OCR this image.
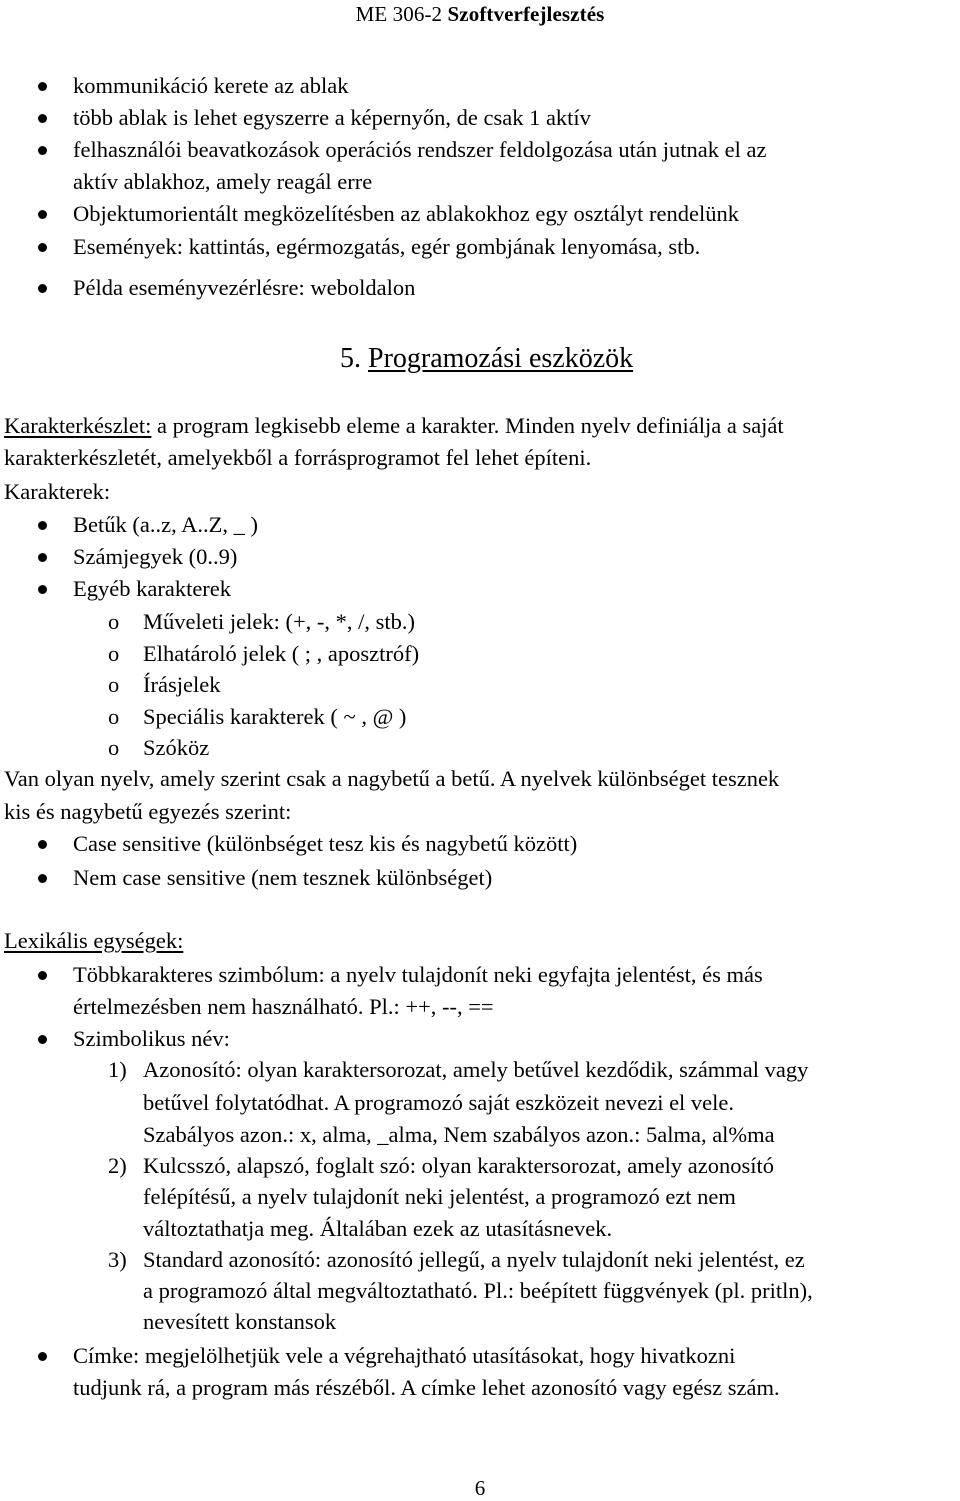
ME 306-2 Szoftverfejlesztés
kommunikáció kerete az ablak
több ablak is lehet egyszerre a képernyőn, de csak 1 aktív
felhasználói beavatkozások operációs rendszer feldolgozása után jutnak el az
aktív ablakhoz, amely reagál erre
Objektumorientált megközelítésben az ablakokhoz egy osztályt rendelünk
Események: kattintás, egérmozgatás, egér gombjának lenyomása, stb.
Példa eseményvezérlésre: weboldalon
5. Programozási eszközök
Karakterkészlet: a program legkisebb eleme a karakter. Minden nyelv definiálja a saját
karakterkészletét, amelyekből a forrásprogramot fel lehet építeni.
Karakterek:
Betűk (a..z, A..Z, _ )
Számjegyek (0..9)
Egyéb karakterek
o Műveleti jelek: (+, -, *, /, stb.)
o Elhatároló jelek ( ; , aposztróf)
o Írásjelek
o Speciális karakterek ( ~ , @ )
o Szóköz
Van olyan nyelv, amely szerint csak a nagybetű a betű. A nyelvek különbséget tesznek
kis és nagybetű egyezés szerint:
Case sensitive (különbséget tesz kis és nagybetű között)
Nem case sensitive (nem tesznek különbséget)
Lexikális egységek:
Többkarakteres szimbólum: a nyelv tulajdonít neki egyfajta jelentést, és más
értelmezésben nem használható. Pl.: ++, --, ==
Szimbolikus név:
1) Azonosító: olyan karaktersorozat, amely betűvel kezdődik, számmal vagy
betűvel folytatódhat. A programozó saját eszközeit nevezi el vele.
Szabályos azon.: x, alma, _alma, Nem szabályos azon.: 5alma, al%ma
2) Kulcsszó, alapszó, foglalt szó: olyan karaktersorozat, amely azonosító
felépítésű, a nyelv tulajdonít neki jelentést, a programozó ezt nem
változtathatja meg. Általában ezek az utasításnevek.
3) Standard azonosító: azonosító jellegű, a nyelv tulajdonít neki jelentést, ez
a programozó által megváltoztatható. Pl.: beépített függvények (pl. pritln),
nevesített konstansok
Címke: megjelölhetjük vele a végrehajtható utasításokat, hogy hivatkozni
tudjunk rá, a program más részéből. A címke lehet azonosító vagy egész szám.
6
